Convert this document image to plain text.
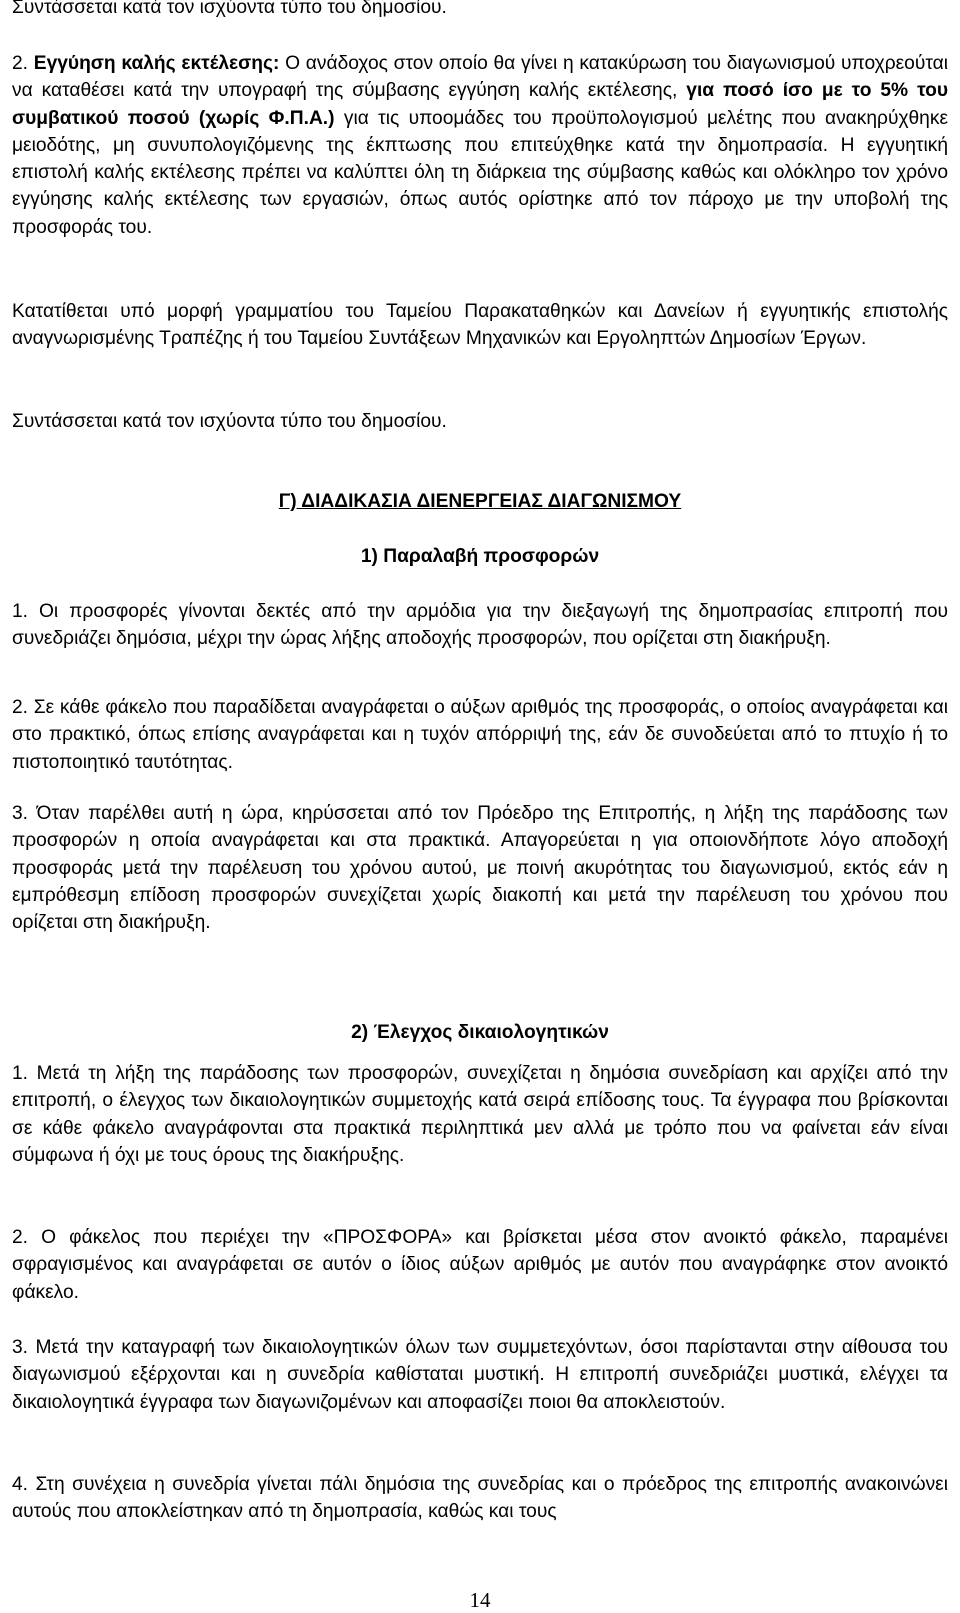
Συντάσσεται κατά τον ισχύοντα τύπο του δημοσίου.

2. Εγγύηση καλής εκτέλεσης: Ο ανάδοχος στον οποίο θα γίνει η κατακύρωση του διαγωνισμού υποχρεούται να καταθέσει κατά την υπογραφή της σύμβασης εγγύηση καλής εκτέλεσης, για ποσό ίσο με το 5% του συμβατικού ποσού (χωρίς Φ.Π.Α.) για τις υποομάδες του προϋπολογισμού μελέτης που ανακηρύχθηκε μειοδότης, μη συνυπολογιζόμενης της έκπτωσης που επιτεύχθηκε κατά την δημοπρασία. Η εγγυητική επιστολή καλής εκτέλεσης πρέπει να καλύπτει όλη τη διάρκεια της σύμβασης καθώς και ολόκληρο τον χρόνο εγγύησης καλής εκτέλεσης των εργασιών, όπως αυτός ορίστηκε από τον πάροχο με την υποβολή της προσφοράς του.

Κατατίθεται υπό μορφή γραμματίου του Ταμείου Παρακαταθηκών και Δανείων ή εγγυητικής επιστολής αναγνωρισμένης Τραπέζης ή του Ταμείου Συντάξεων Μηχανικών και Εργοληπτών Δημοσίων Έργων.

Συντάσσεται κατά τον ισχύοντα τύπο του δημοσίου.

Γ) ΔΙΑΔΙΚΑΣΙΑ ΔΙΕΝΕΡΓΕΙΑΣ ΔΙΑΓΩΝΙΣΜΟΥ

1) Παραλαβή προσφορών

1. Οι προσφορές γίνονται δεκτές από την αρμόδια για την διεξαγωγή της δημοπρασίας επιτροπή που συνεδριάζει δημόσια, μέχρι την ώρας λήξης αποδοχής προσφορών, που ορίζεται στη διακήρυξη.

2. Σε κάθε φάκελο που παραδίδεται αναγράφεται ο αύξων αριθμός της προσφοράς, ο οποίος αναγράφεται και στο πρακτικό, όπως επίσης αναγράφεται και η τυχόν απόρριψή της, εάν δε συνοδεύεται από το πτυχίο ή το πιστοποιητικό ταυτότητας.

3. Όταν παρέλθει αυτή η ώρα, κηρύσσεται από τον Πρόεδρο της Επιτροπής, η λήξη της παράδοσης των προσφορών η οποία αναγράφεται και στα πρακτικά. Απαγορεύεται η για οποιονδήποτε λόγο αποδοχή προσφοράς μετά την παρέλευση του χρόνου αυτού, με ποινή ακυρότητας του διαγωνισμού, εκτός εάν η εμπρόθεσμη επίδοση προσφορών συνεχίζεται χωρίς διακοπή και μετά την παρέλευση του χρόνου που ορίζεται στη διακήρυξη.

2) Έλεγχος δικαιολογητικών

1. Μετά τη λήξη της παράδοσης των προσφορών, συνεχίζεται η δημόσια συνεδρίαση και αρχίζει από την επιτροπή, ο έλεγχος των δικαιολογητικών συμμετοχής κατά σειρά επίδοσης τους. Τα έγγραφα που βρίσκονται σε κάθε φάκελο αναγράφονται στα πρακτικά περιληπτικά μεν αλλά με τρόπο που να φαίνεται εάν είναι σύμφωνα ή όχι με τους όρους της διακήρυξης.

2. Ο φάκελος που περιέχει την «ΠΡΟΣΦΟΡΑ» και βρίσκεται μέσα στον ανοικτό φάκελο, παραμένει σφραγισμένος και αναγράφεται σε αυτόν ο ίδιος αύξων αριθμός με αυτόν που αναγράφηκε στον ανοικτό φάκελο.

3. Μετά την καταγραφή των δικαιολογητικών όλων των συμμετεχόντων, όσοι παρίστανται στην αίθουσα του διαγωνισμού εξέρχονται και η συνεδρία καθίσταται μυστική. Η επιτροπή συνεδριάζει μυστικά, ελέγχει τα δικαιολογητικά έγγραφα των διαγωνιζομένων και αποφασίζει ποιοι θα αποκλειστούν.

4. Στη συνέχεια η συνεδρία γίνεται πάλι δημόσια της συνεδρίας και ο πρόεδρος της επιτροπής ανακοινώνει αυτούς που αποκλείστηκαν από τη δημοπρασία, καθώς και τους

14
